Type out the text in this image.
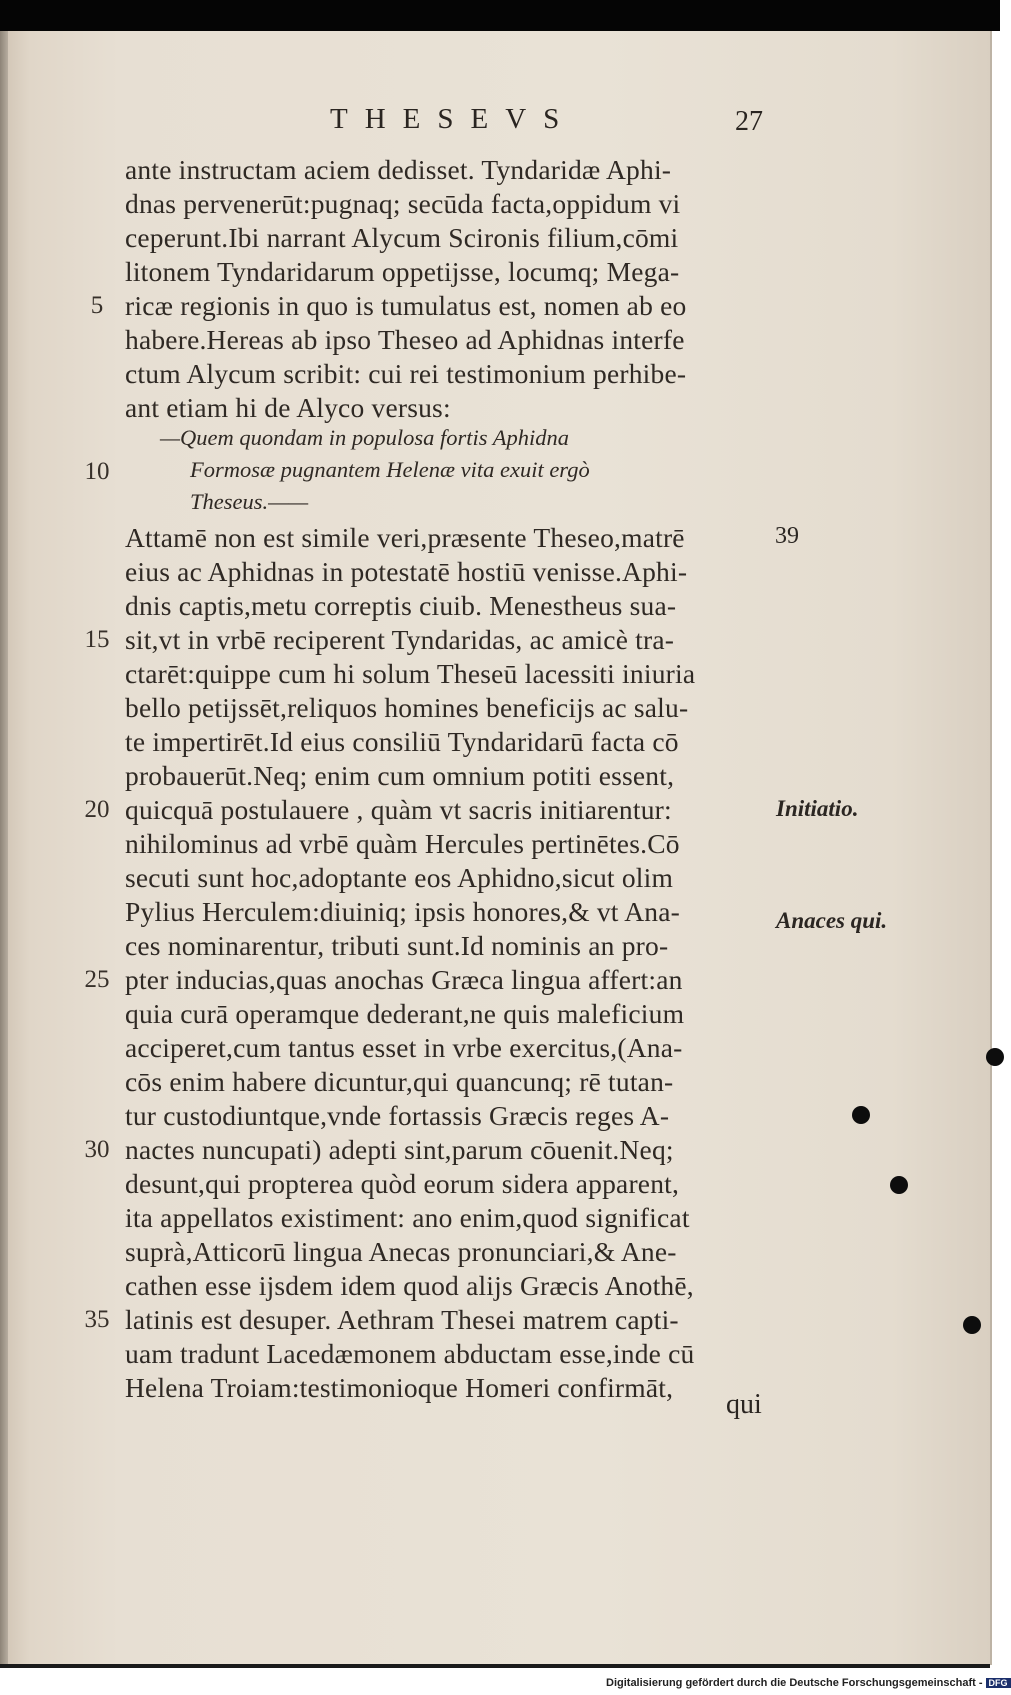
THESEVS	27
ante instructam aciem dedisset. Tyndaridæ Aphi-
dnas pervenerūt:pugnaq; secūda facta,oppidum vi
ceperunt.Ibi narrant Alycum Scironis filium,cōmi
litonem Tyndaridarum oppetijsse, locumq; Mega-
ricæ regionis in quo is tumulatus est, nomen ab eo
habere.Hereas ab ipso Theseo ad Aphidnas interfe
ctum Alycum scribit: cui rei testimonium perhibe-
ant etiam hi de Alyco versus:
—Quem quondam in populosa fortis Aphidna
Formosæ pugnantem Helenæ vita exuit ergò
Theseus.——
Attamē non est simile veri,præsente Theseo,matrē
eius ac Aphidnas in potestatē hostiū venisse.Aphi-
dnis captis,metu correptis ciuib. Menestheus sua-
sit,vt in vrbē reciperent Tyndaridas, ac amicè tra-
ctarēt:quippe cum hi solum Theseū lacessiti iniuria
bello petijssēt,reliquos homines beneficijs ac salu-
te impertirēt.Id eius consiliū Tyndaridarū facta cō
probauerūt.Neq; enim cum omnium potiti essent,
quicquā postulauere , quàm vt sacris initiarentur:
nihilominus ad vrbē quàm Hercules pertinētes.Cō
secuti sunt hoc,adoptante eos Aphidno,sicut olim
Pylius Herculem:diuiniq; ipsis honores,& vt Ana-
ces nominarentur, tributi sunt.Id nominis an pro-
pter inducias,quas anochas Græca lingua affert:an
quia curā operamque dederant,ne quis maleficium
acciperet,cum tantus esset in vrbe exercitus,(Ana-
cōs enim habere dicuntur,qui quancunq; rē tutan-
tur custodiuntque,vnde fortassis Græcis reges A-
nactes nuncupati) adepti sint,parum cōuenit.Neq;
desunt,qui propterea quòd eorum sidera apparent,
ita appellatos existiment: ano enim,quod significat
suprà,Atticorū lingua Anecas pronunciari,& Ane-
cathen esse ijsdem idem quod alijs Græcis Anothē,
latinis est desuper. Aethram Thesei matrem capti-
uam tradunt Lacedæmonem abductam esse,inde cū
Helena Troiam:testimonioque Homeri confirmāt,
qui
5
10
15
20
25
30
35
39
Initiatio.
Anaces qui.
Digitalisierung gefördert durch die Deutsche Forschungsgemeinschaft - DFG
